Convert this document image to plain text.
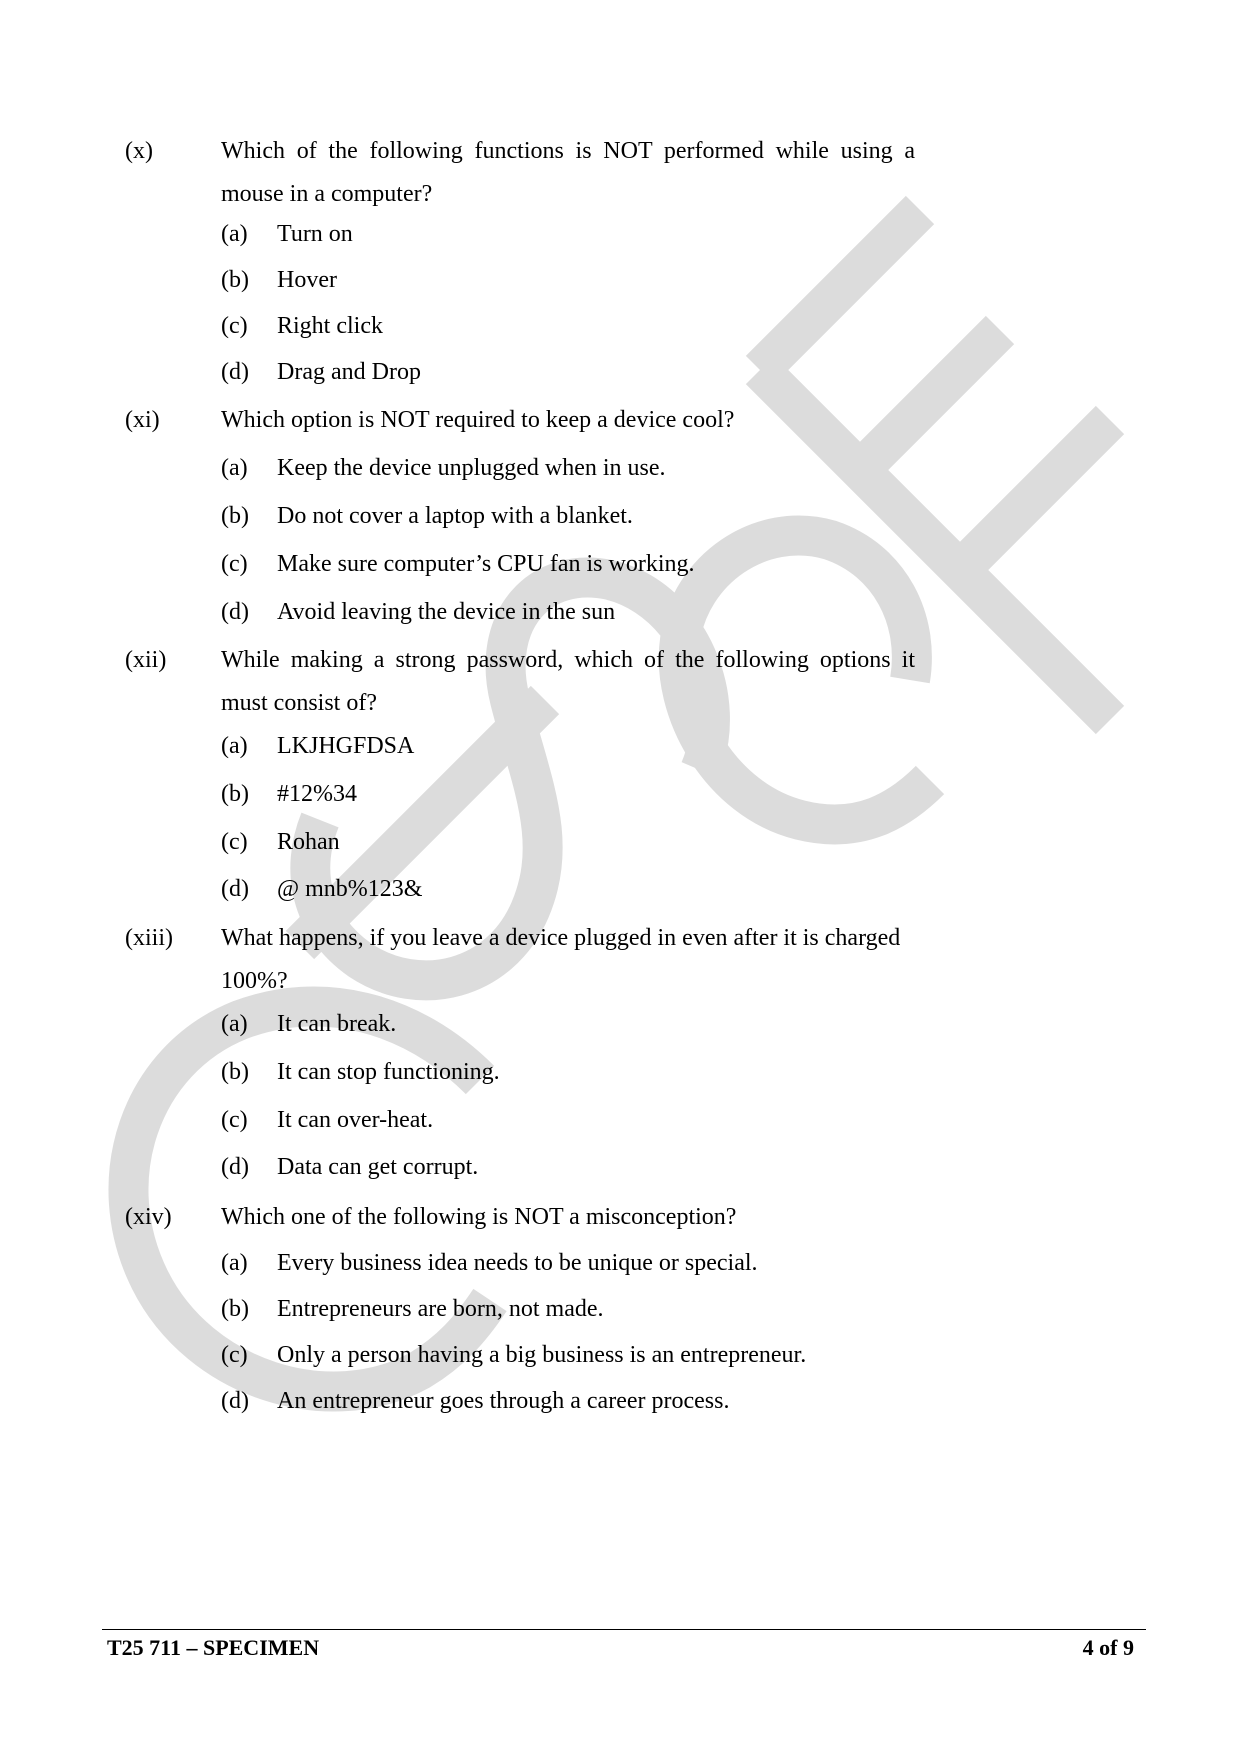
(x)	Which of the following functions is NOT performed while using a mouse in a computer?
(a) Turn on
(b) Hover
(c) Right click
(d) Drag and Drop
(xi)	Which option is NOT required to keep a device cool?
(a) Keep the device unplugged when in use.
(b) Do not cover a laptop with a blanket.
(c) Make sure computer’s CPU fan is working.
(d) Avoid leaving the device in the sun
(xii) While making a strong password, which of the following options it must consist of?
(a) LKJHGFDSA
(b) #12%34
(c) Rohan
(d) @ mnb%123&
(xiii) What happens, if you leave a device plugged in even after it is charged 100%?
(a) It can break.
(b) It can stop functioning.
(c) It can over-heat.
(d) Data can get corrupt.
(xiv) Which one of the following is NOT a misconception?
(a) Every business idea needs to be unique or special.
(b) Entrepreneurs are born, not made.
(c) Only a person having a big business is an entrepreneur.
(d) An entrepreneur goes through a career process.
T25 711 – SPECIMEN	4 of 9
